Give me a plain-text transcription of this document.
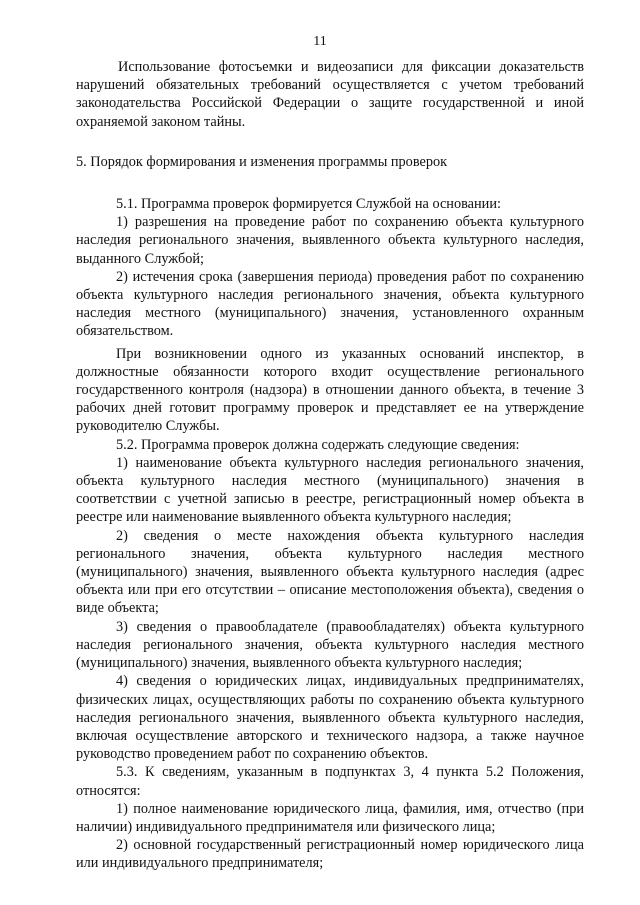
11

Использование фотосъемки и видеозаписи для фиксации доказательств нарушений обязательных требований осуществляется с учетом требований законодательства Российской Федерации о защите государственной и иной охраняемой законом тайны.

5. Порядок формирования и изменения программы проверок

5.1. Программа проверок формируется Службой на основании:

1) разрешения на проведение работ по сохранению объекта культурного наследия регионального значения, выявленного объекта культурного наследия, выданного Службой;

2) истечения срока (завершения периода) проведения работ по сохранению объекта культурного наследия регионального значения, объекта культурного наследия местного (муниципального) значения, установленного охранным обязательством.

При возникновении одного из указанных оснований инспектор, в должностные обязанности которого входит осуществление регионального государственного контроля (надзора) в отношении данного объекта, в течение 3 рабочих дней готовит программу проверок и представляет ее на утверждение руководителю Службы.

5.2. Программа проверок должна содержать следующие сведения:

1) наименование объекта культурного наследия регионального значения, объекта культурного наследия местного (муниципального) значения в соответствии с учетной записью в реестре, регистрационный номер объекта в реестре или наименование выявленного объекта культурного наследия;

2) сведения о месте нахождения объекта культурного наследия регионального значения, объекта культурного наследия местного (муниципального) значения, выявленного объекта культурного наследия (адрес объекта или при его отсутствии – описание местоположения объекта), сведения о виде объекта;

3) сведения о правообладателе (правообладателях) объекта культурного наследия регионального значения, объекта культурного наследия местного (муниципального) значения, выявленного объекта культурного наследия;

4) сведения о юридических лицах, индивидуальных предпринимателях, физических лицах, осуществляющих работы по сохранению объекта культурного наследия регионального значения, выявленного объекта культурного наследия, включая осуществление авторского и технического надзора, а также научное руководство проведением работ по сохранению объектов.

5.3. К сведениям, указанным в подпунктах 3, 4 пункта 5.2 Положения, относятся:

1) полное наименование юридического лица, фамилия, имя, отчество (при наличии) индивидуального предпринимателя или физического лица;

2) основной государственный регистрационный номер юридического лица или индивидуального предпринимателя;
